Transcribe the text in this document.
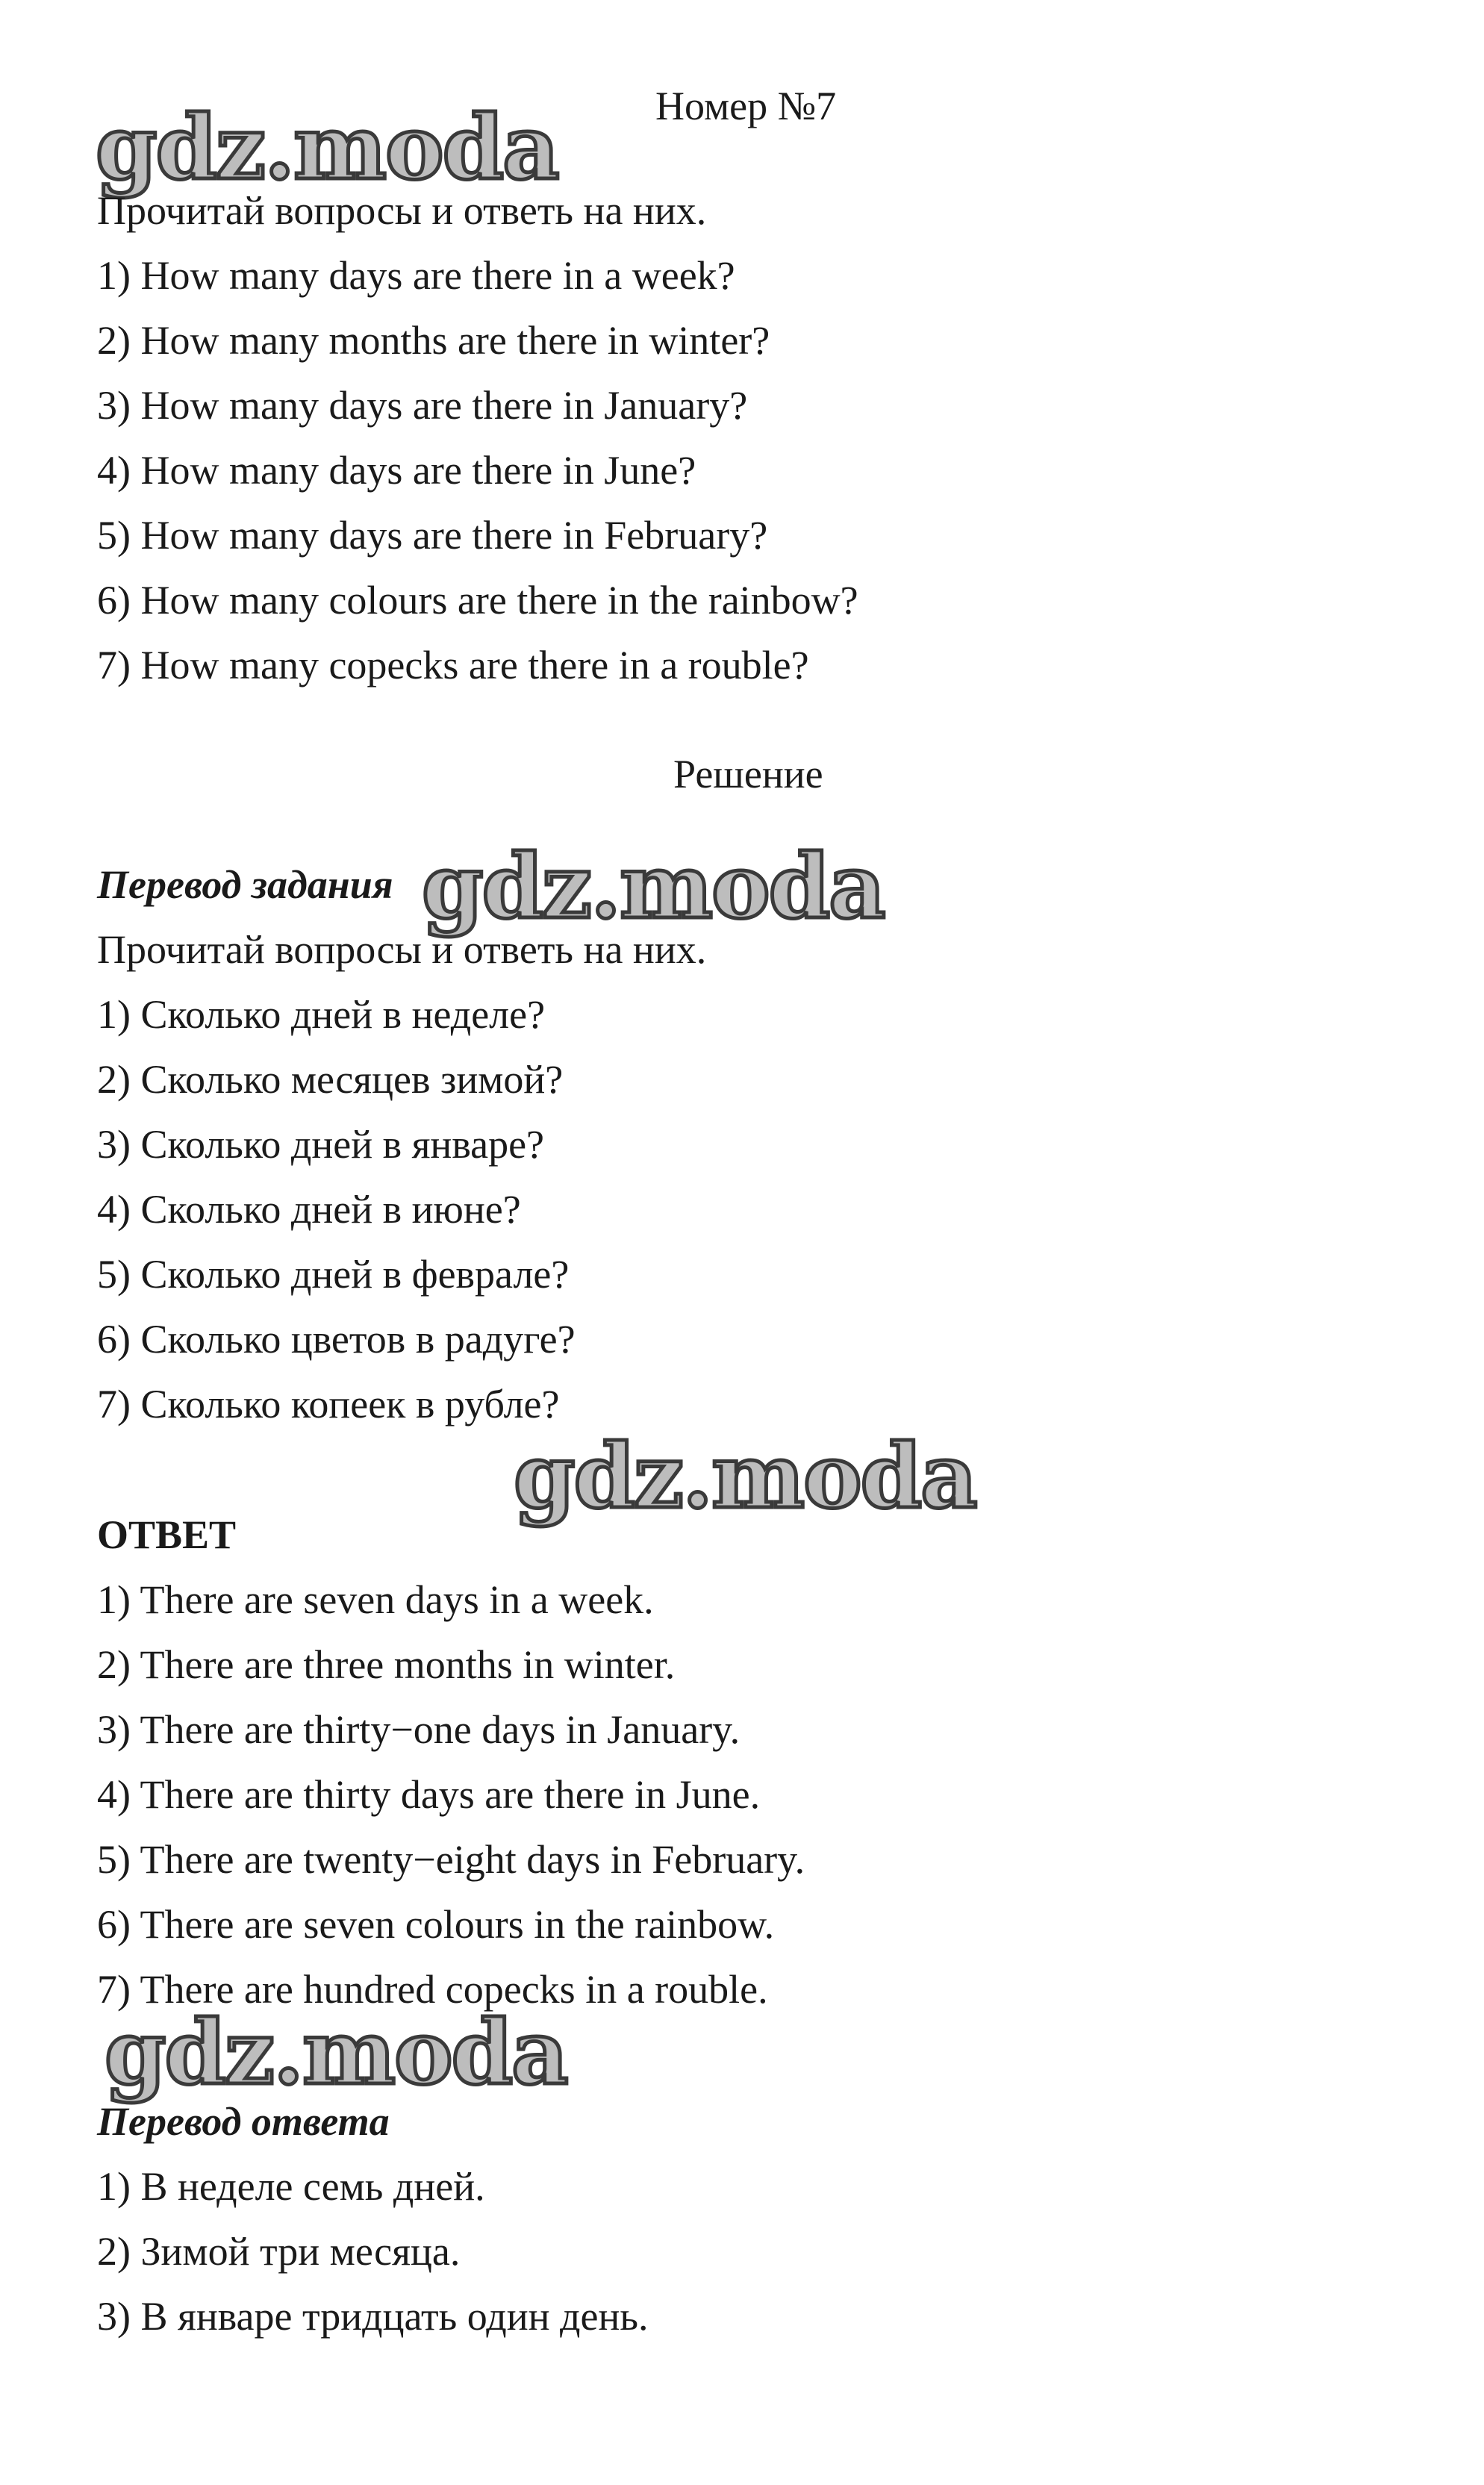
Номер №7
gdz.moda
Прочитай вопросы и ответь на них.
1) How many days are there in a week?
2) How many months are there in winter?
3) How many days are there in January?
4) How many days are there in June?
5) How many days are there in February?
6) How many colours are there in the rainbow?
7) How many copecks are there in a rouble?
Решение
Перевод задания gdz.moda
Прочитай вопросы и ответь на них.
1) Сколько дней в неделе?
2) Сколько месяцев зимой?
3) Сколько дней в январе?
4) Сколько дней в июне?
5) Сколько дней в феврале?
6) Сколько цветов в радуге?
7) Сколько копеек в рубле?
gdz.moda
ОТВЕТ
1) There are seven days in a week.
2) There are three months in winter.
3) There are thirty−one days in January.
4) There are thirty days are there in June.
5) There are twenty−eight days in February.
6) There are seven colours in the rainbow.
7) There are hundred copecks in a rouble.
gdz.moda
Перевод ответа
1) В неделе семь дней.
2) Зимой три месяца.
3) В январе тридцать один день.
